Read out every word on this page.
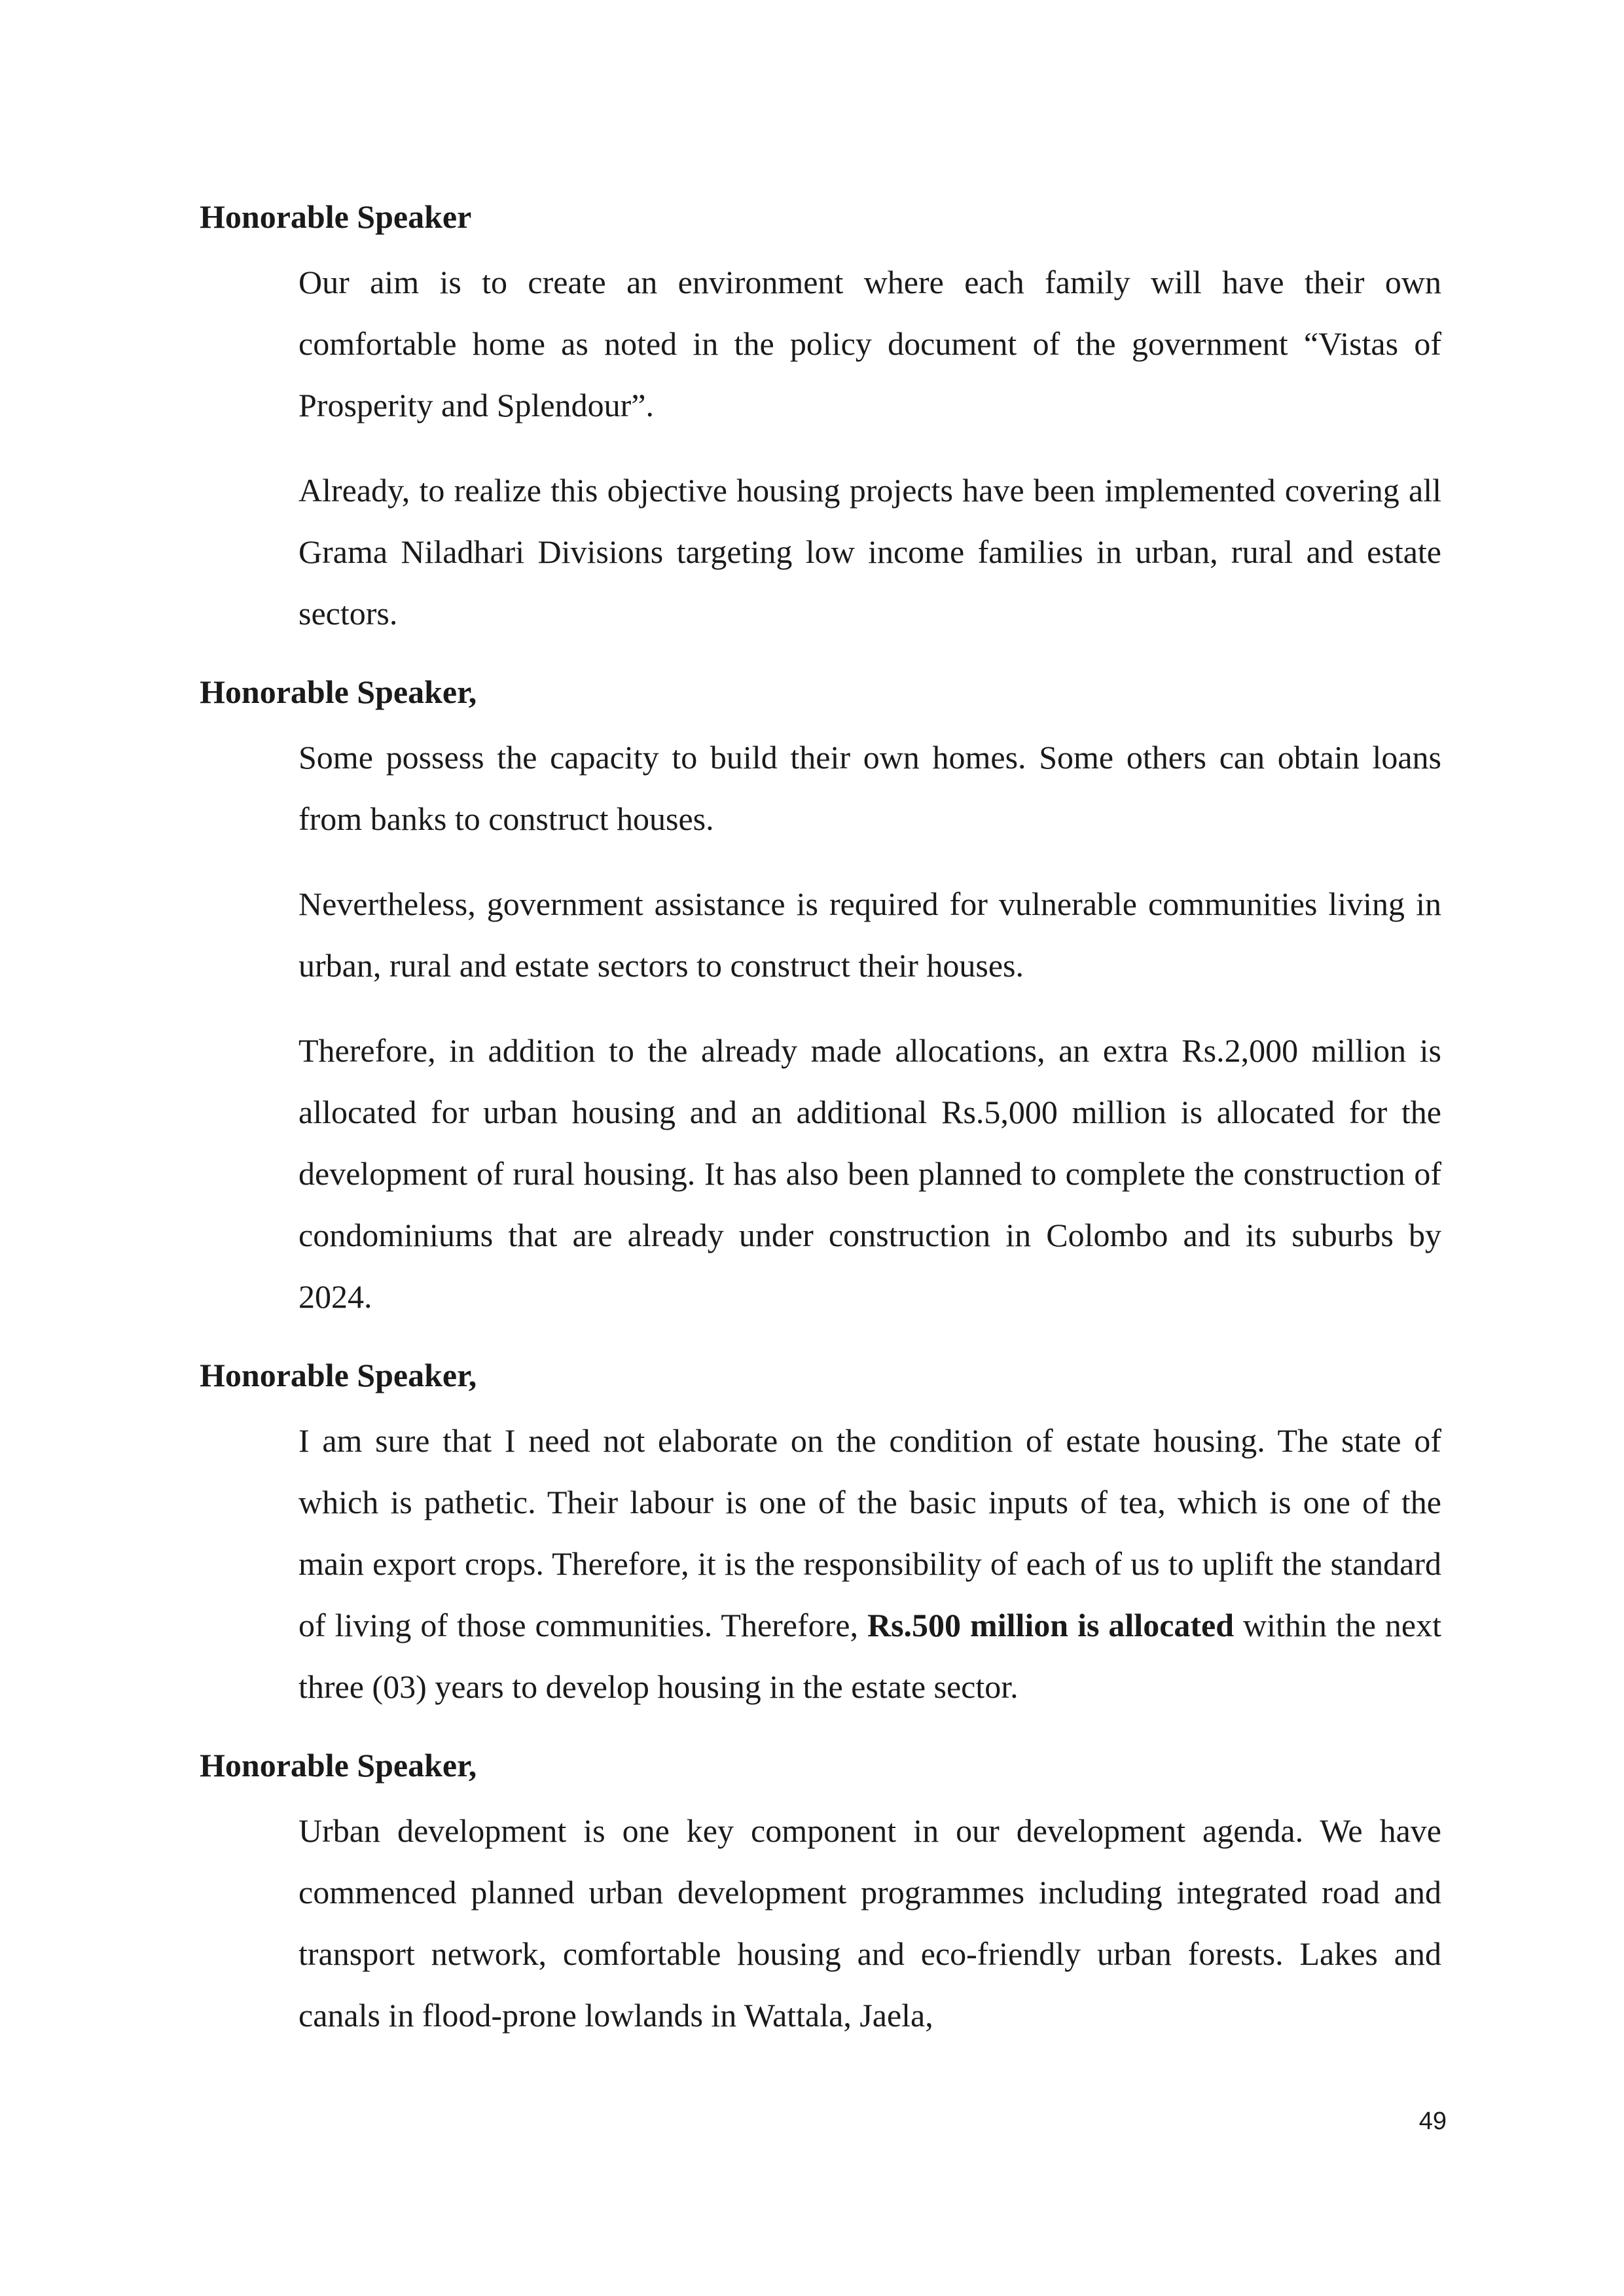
Honorable Speaker

Our aim is to create an environment where each family will have their own comfortable home as noted in the policy document of the government “Vistas of Prosperity and Splendour”.

Already, to realize this objective housing projects have been implemented covering all Grama Niladhari Divisions targeting low income families in urban, rural and estate sectors.

Honorable Speaker,

Some possess the capacity to build their own homes. Some others can obtain loans from banks to construct houses.

Nevertheless, government assistance is required for vulnerable communities living in urban, rural and estate sectors to construct their houses.

Therefore, in addition to the already made allocations, an extra Rs.2,000 million is allocated for urban housing and an additional Rs.5,000 million is allocated for the development of rural housing. It has also been planned to complete the construction of condominiums that are already under construction in Colombo and its suburbs by 2024.

Honorable Speaker,

I am sure that I need not elaborate on the condition of estate housing. The state of which is pathetic. Their labour is one of the basic inputs of tea, which is one of the main export crops. Therefore, it is the responsibility of each of us to uplift the standard of living of those communities. Therefore, Rs.500 million is allocated within the next three (03) years to develop housing in the estate sector.

Honorable Speaker,

Urban development is one key component in our development agenda. We have commenced planned urban development programmes including integrated road and transport network, comfortable housing and eco-friendly urban forests. Lakes and canals in flood-prone lowlands in Wattala, Jaela,

49
